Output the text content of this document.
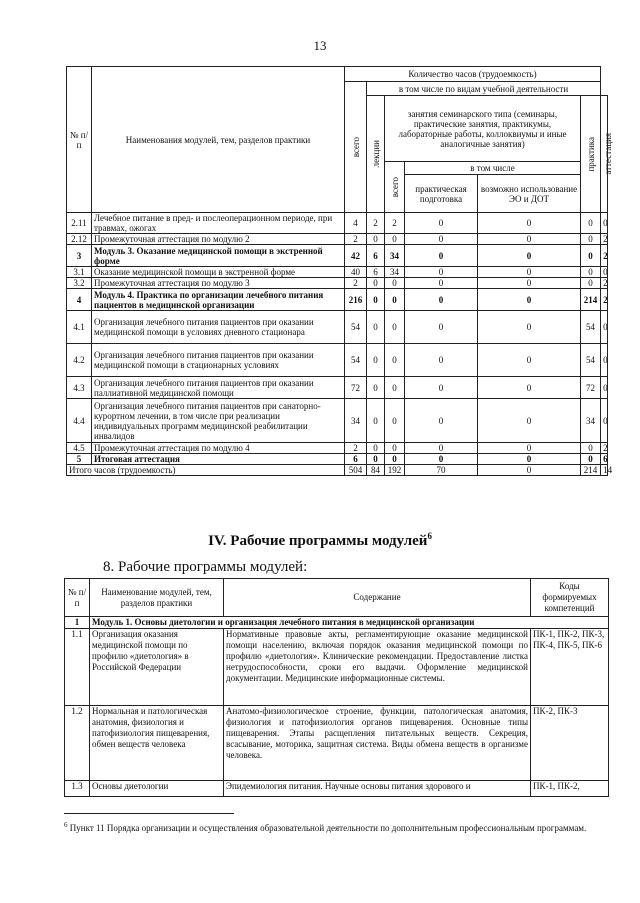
13
№ п/п	Наименования модулей, тем, разделов практики	Количество часов (трудоемкость)						

		всего	в том числе по видам учебной деятельности					

			лекции	занятия семинарского типа (семинары, практические занятия, практикумы, лабораторные работы, коллоквиумы и иные аналогичные занятия)			практика	аттестация

				всего	в том числе			
					практическая подготовка	возможно использование ЭО и ДОТ		
2.11	Лечебное питание в пред- и послеоперационном периоде, при травмах, ожогах	4	2	2	0	0	0	0
2.12	Промежуточная аттестация по модулю 2	2	0	0	0	0	0	2
3	Модуль 3. Оказание медицинской помощи в экстренной форме	42	6	34	0	0	0	2
3.1	Оказание медицинской помощи в экстренной форме	40	6	34	0	0	0	0
3.2	Промежуточная аттестация по модулю 3	2	0	0	0	0	0	2
4	Модуль 4. Практика по организации лечебного питания пациентов в медицинской организации	216	0	0	0	0	214	2
4.1	Организация лечебного питания пациентов при оказании медицинской помощи в условиях дневного стационара	54	0	0	0	0	54	0
4.2	Организация лечебного питания пациентов при оказании медицинской помощи в стационарных условиях	54	0	0	0	0	54	0
4.3	Организация лечебного питания пациентов при оказании паллиативной медицинской помощи	72	0	0	0	0	72	0
4.4	Организация лечебного питания пациентов при санаторно-курортном лечении, в том числе при реализации индивидуальных программ медицинской реабилитации инвалидов	34	0	0	0	0	34	0
4.5	Промежуточная аттестация по модулю 4	2	0	0	0	0	0	2
5	Итоговая аттестация	6	0	0	0	0	0	6
Итого часов (трудоемкость)		504	84	192	70	0	214	14
IV. Рабочие программы модулей$^6$
8. Рабочие программы модулей:
№ п/п	Наименование модулей, тем, разделов практики	Содержание	Коды формируемых компетенций
1	Модуль 1. Основы диетологии и организация лечебного питания в медицинской организации		
1.1	Организация оказания медицинской помощи по профилю «диетология» в Российской Федерации	Нормативные правовые акты, регламентирующие оказание медицинской помощи населению, включая порядок оказания медицинской помощи по профилю «диетология». Клинические рекомендации. Предоставление листка нетрудоспособности, сроки его выдачи. Оформление медицинской документации. Медицинские информационные системы.	ПК-1, ПК-2, ПК-3, ПК-4, ПК-5, ПК-6
1.2	Нормальная и патологическая анатомия, физиология и патофизиология пищеварения, обмен веществ человека	Анатомо-физиологическое строение, функции, патологическая анатомия, физиология и патофизиология органов пищеварения. Основные типы пищеварения. Этапы расщепления питательных веществ. Секреция, всасывание, моторика, защитная система. Виды обмена веществ в организме человека.	ПК-2, ПК-3
1.3	Основы диетологии	Эпидемиология питания. Научные основы питания здорового и	ПК-1, ПК-2,
$^6$ Пункт 11 Порядка организации и осуществления образовательной деятельности по дополнительным профессиональным программам.
